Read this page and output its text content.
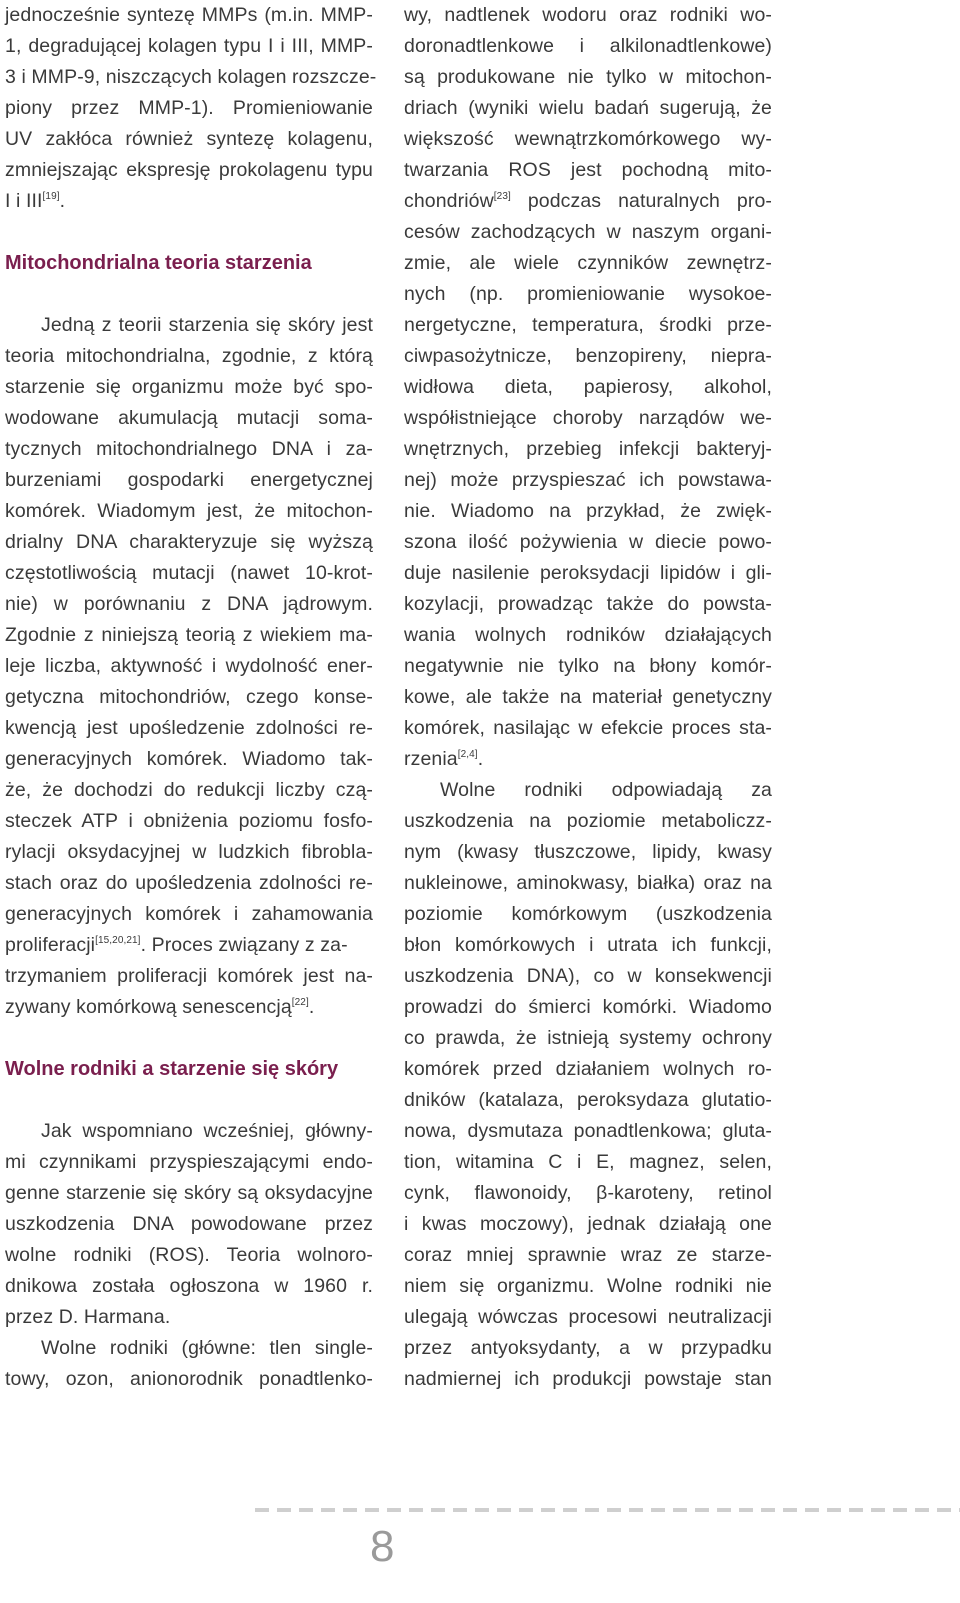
jednocześnie syntezę MMPs (m.in. MMP-
1, degradującej kolagen typu I i III, MMP-
3 i MMP-9, niszczących kolagen rozszcze-
piony przez MMP-1). Promieniowanie
UV zakłóca również syntezę kolagenu,
zmniejszając ekspresję prokolagenu typu
I i III[19].
Mitochondrialna teoria starzenia
Jedną z teorii starzenia się skóry jest
teoria mitochondrialna, zgodnie, z którą
starzenie się organizmu może być spo-
wodowane akumulacją mutacji soma-
tycznych mitochondrialnego DNA i za-
burzeniami gospodarki energetycznej
komórek. Wiadomym jest, że mitochon-
drialny DNA charakteryzuje się wyższą
częstotliwością mutacji (nawet 10-krot-
nie) w porównaniu z DNA jądrowym.
Zgodnie z niniejszą teorią z wiekiem ma-
leje liczba, aktywność i wydolność ener-
getyczna mitochondriów, czego konse-
kwencją jest upośledzenie zdolności re-
generacyjnych komórek. Wiadomo tak-
że, że dochodzi do redukcji liczby czą-
steczek ATP i obniżenia poziomu fosfo-
rylacji oksydacyjnej w ludzkich fibrobla-
stach oraz do upośledzenia zdolności re-
generacyjnych komórek i zahamowania
proliferacji[15,20,21]. Proces związany z za-
trzymaniem proliferacji komórek jest na-
zywany komórkową senescencją[22].
Wolne rodniki a starzenie się skóry
Jak wspomniano wcześniej, główny-
mi czynnikami przyspieszającymi endo-
genne starzenie się skóry są oksydacyjne
uszkodzenia DNA powodowane przez
wolne rodniki (ROS). Teoria wolnoro-
dnikowa została ogłoszona w 1960 r.
przez D. Harmana.
Wolne rodniki (główne: tlen single-
towy, ozon, anionorodnik ponadtlenko-
wy, nadtlenek wodoru oraz rodniki wo-
doronadtlenkowe i alkilonadtlenkowe)
są produkowane nie tylko w mitochon-
driach (wyniki wielu badań sugerują, że
większość wewnątrzkomórkowego wy-
twarzania ROS jest pochodną mito-
chondriów[23] podczas naturalnych pro-
cesów zachodzących w naszym organi-
zmie, ale wiele czynników zewnętrz-
nych (np. promieniowanie wysokoe-
nergetyczne, temperatura, środki prze-
ciwpasożytnicze, benzopireny, niepra-
widłowa dieta, papierosy, alkohol,
współistniejące choroby narządów we-
wnętrznych, przebieg infekcji bakteryj-
nej) może przyspieszać ich powstawa-
nie. Wiadomo na przykład, że zwięk-
szona ilość pożywienia w diecie powo-
duje nasilenie peroksydacji lipidów i gli-
kozylacji, prowadząc także do powsta-
wania wolnych rodników działających
negatywnie nie tylko na błony komór-
kowe, ale także na materiał genetyczny
komórek, nasilając w efekcie proces sta-
rzenia[2,4].
Wolne rodniki odpowiadają za
uszkodzenia na poziomie metaboliczz-
nym (kwasy tłuszczowe, lipidy, kwasy
nukleinowe, aminokwasy, białka) oraz na
poziomie komórkowym (uszkodzenia
błon komórkowych i utrata ich funkcji,
uszkodzenia DNA), co w konsekwencji
prowadzi do śmierci komórki. Wiadomo
co prawda, że istnieją systemy ochrony
komórek przed działaniem wolnych ro-
dników (katalaza, peroksydaza glutatio-
nowa, dysmutaza ponadtlenkowa; gluta-
tion, witamina C i E, magnez, selen,
cynk, flawonoidy, β-karoteny, retinol
i kwas moczowy), jednak działają one
coraz mniej sprawnie wraz ze starze-
niem się organizmu. Wolne rodniki nie
ulegają wówczas procesowi neutralizacji
przez antyoksydanty, a w przypadku
nadmiernej ich produkcji powstaje stan
8
